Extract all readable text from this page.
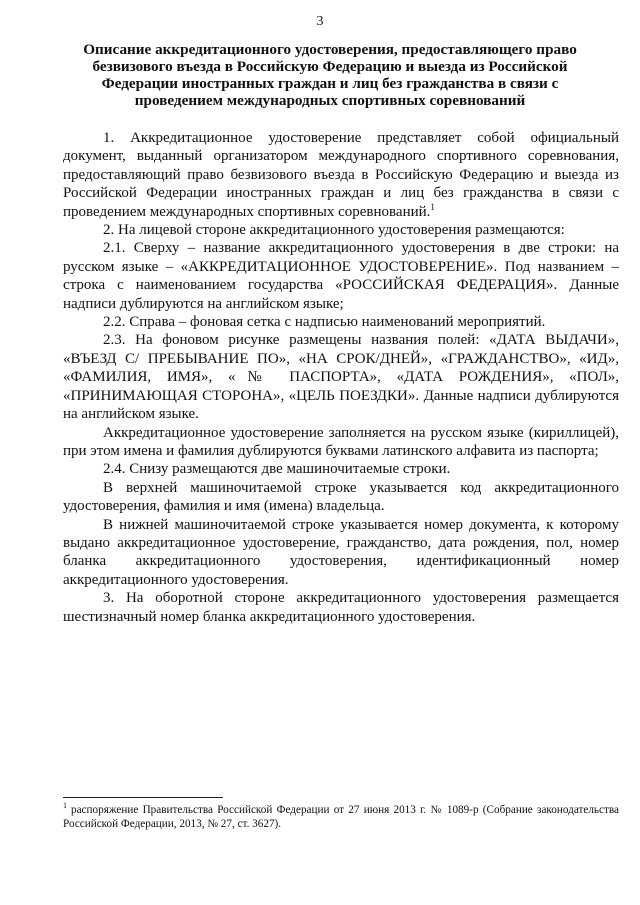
3
Описание аккредитационного удостоверения, предоставляющего право безвизового въезда в Российскую Федерацию и выезда из Российской Федерации иностранных граждан и лиц без гражданства в связи с проведением международных спортивных соревнований

1. Аккредитационное удостоверение представляет собой официальный документ, выданный организатором международного спортивного соревнования, предоставляющий право безвизового въезда в Российскую Федерацию и выезда из Российской Федерации иностранных граждан и лиц без гражданства в связи с проведением международных спортивных соревнований.$^1$

2. На лицевой стороне аккредитационного удостоверения размещаются:

2.1. Сверху – название аккредитационного удостоверения в две строки: на русском языке – «АККРЕДИТАЦИОННОЕ УДОСТОВЕРЕНИЕ». Под названием – строка с наименованием государства «РОССИЙСКАЯ ФЕДЕРАЦИЯ». Данные надписи дублируются на английском языке;

2.2. Справа – фоновая сетка с надписью наименований мероприятий.

2.3. На фоновом рисунке размещены названия полей: «ДАТА ВЫДАЧИ», «ВЪЕЗД С/ ПРЕБЫВАНИЕ ПО», «НА СРОК/ДНЕЙ», «ГРАЖДАНСТВО», «ИД», «ФАМИЛИЯ, ИМЯ», «№ ПАСПОРТА», «ДАТА РОЖДЕНИЯ», «ПОЛ», «ПРИНИМАЮЩАЯ СТОРОНА», «ЦЕЛЬ ПОЕЗДКИ». Данные надписи дублируются на английском языке.

Аккредитационное удостоверение заполняется на русском языке (кириллицей), при этом имена и фамилия дублируются буквами латинского алфавита из паспорта;

2.4. Снизу размещаются две машиночитаемые строки.

В верхней машиночитаемой строке указывается код аккредитационного удостоверения, фамилия и имя (имена) владельца.

В нижней машиночитаемой строке указывается номер документа, к которому выдано аккредитационное удостоверение, гражданство, дата рождения, пол, номер бланка аккредитационного удостоверения, идентификационный номер аккредитационного удостоверения.

3. На оборотной стороне аккредитационного удостоверения размещается шестизначный номер бланка аккредитационного удостоверения.

$^1$ распоряжение Правительства Российской Федерации от 27 июня 2013 г. № 1089-р (Собрание законодательства Российской Федерации, 2013, № 27, ст. 3627).
